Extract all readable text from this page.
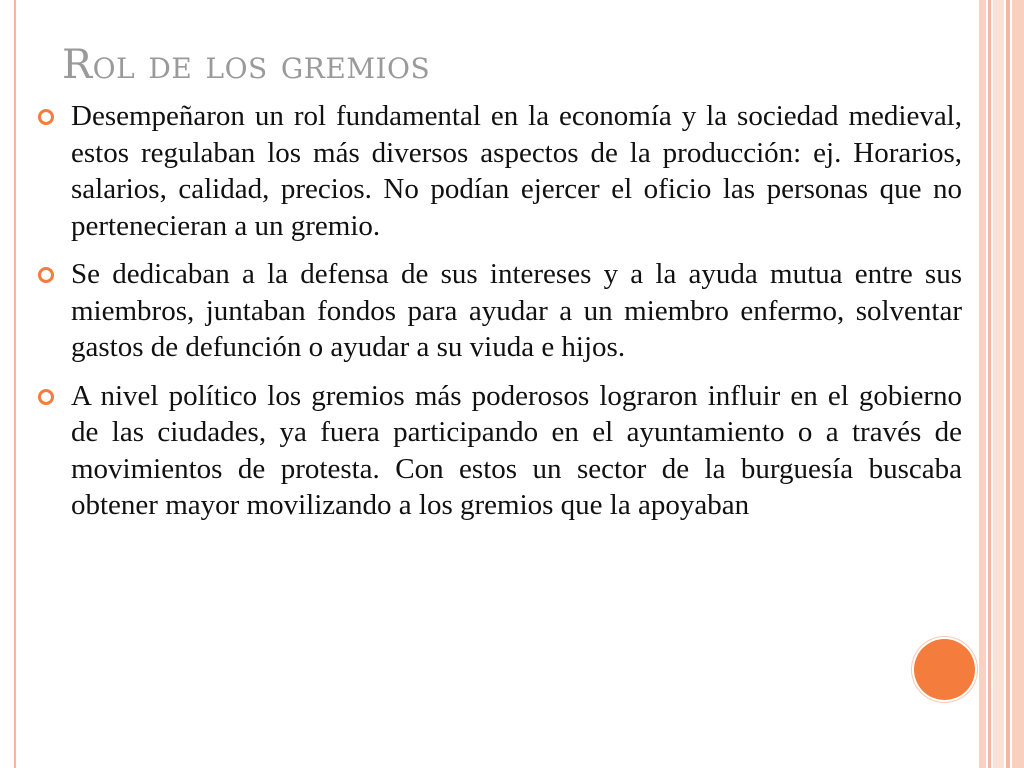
Rol de los gremios
Desempeñaron un rol fundamental en la economía y la sociedad medieval, estos regulaban los más diversos aspectos de la producción: ej. Horarios, salarios, calidad, precios. No podían ejercer el oficio las personas que no pertenecieran a un gremio.
Se dedicaban a la defensa de sus intereses y a la ayuda mutua entre sus miembros, juntaban fondos para ayudar a un miembro enfermo, solventar gastos de defunción o ayudar a su viuda e hijos.
A nivel político los gremios más poderosos lograron influir en el gobierno de las ciudades, ya fuera participando en el ayuntamiento o a través de movimientos de protesta. Con estos un sector de la burguesía buscaba obtener mayor movilizando a los gremios que la apoyaban
